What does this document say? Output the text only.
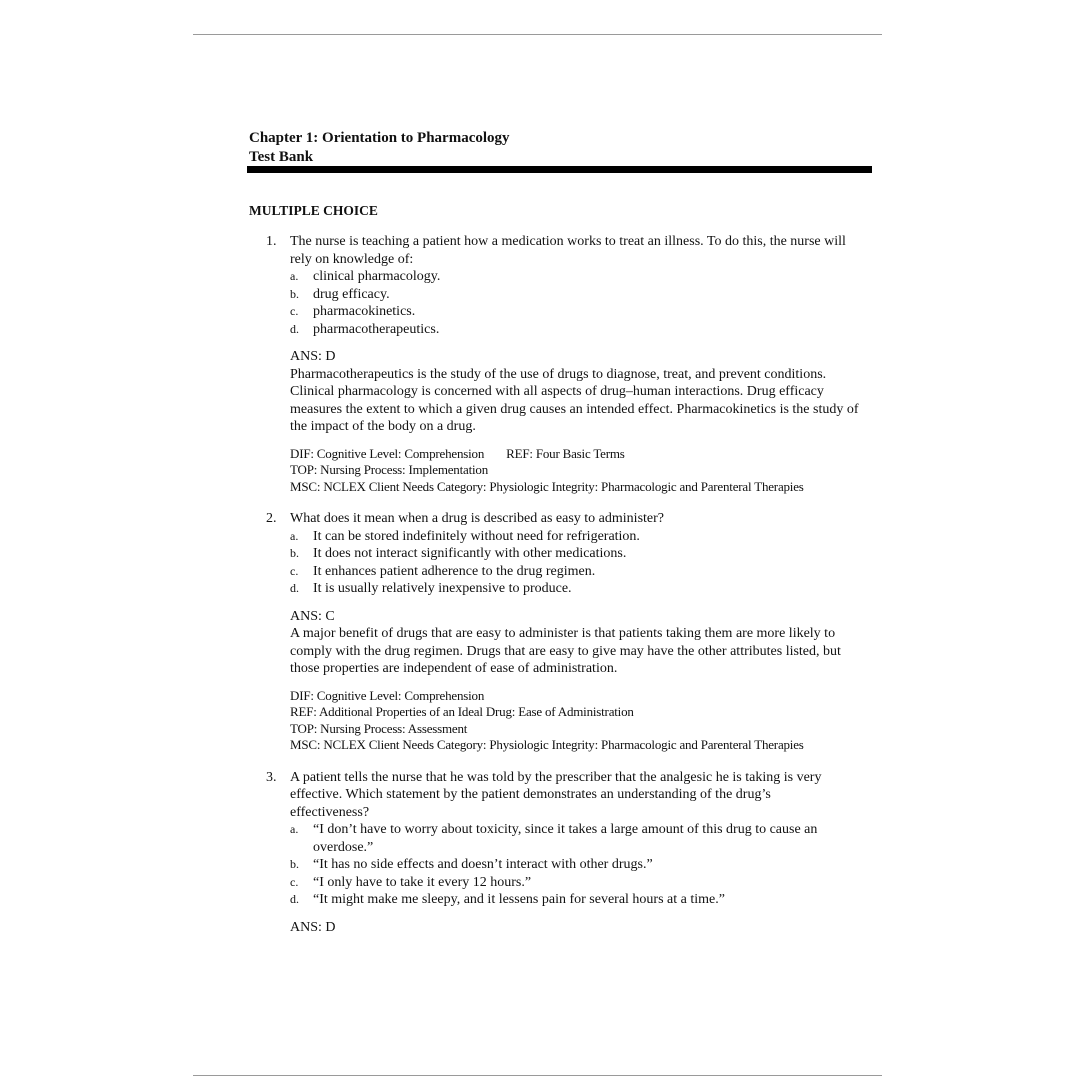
Chapter 1: Orientation to Pharmacology
Test Bank
MULTIPLE CHOICE
1. The nurse is teaching a patient how a medication works to treat an illness. To do this, the nurse will rely on knowledge of:
a. clinical pharmacology.
b. drug efficacy.
c. pharmacokinetics.
d. pharmacotherapeutics.
ANS: D
Pharmacotherapeutics is the study of the use of drugs to diagnose, treat, and prevent conditions. Clinical pharmacology is concerned with all aspects of drug–human interactions. Drug efficacy measures the extent to which a given drug causes an intended effect. Pharmacokinetics is the study of the impact of the body on a drug.
DIF: Cognitive Level: Comprehension REF: Four Basic Terms
TOP: Nursing Process: Implementation
MSC: NCLEX Client Needs Category: Physiologic Integrity: Pharmacologic and Parenteral Therapies
2. What does it mean when a drug is described as easy to administer?
a. It can be stored indefinitely without need for refrigeration.
b. It does not interact significantly with other medications.
c. It enhances patient adherence to the drug regimen.
d. It is usually relatively inexpensive to produce.
ANS: C
A major benefit of drugs that are easy to administer is that patients taking them are more likely to comply with the drug regimen. Drugs that are easy to give may have the other attributes listed, but those properties are independent of ease of administration.
DIF: Cognitive Level: Comprehension
REF: Additional Properties of an Ideal Drug: Ease of Administration
TOP: Nursing Process: Assessment
MSC: NCLEX Client Needs Category: Physiologic Integrity: Pharmacologic and Parenteral Therapies
3. A patient tells the nurse that he was told by the prescriber that the analgesic he is taking is very effective. Which statement by the patient demonstrates an understanding of the drug’s effectiveness?
a. “I don’t have to worry about toxicity, since it takes a large amount of this drug to cause an overdose.”
b. “It has no side effects and doesn’t interact with other drugs.”
c. “I only have to take it every 12 hours.”
d. “It might make me sleepy, and it lessens pain for several hours at a time.”
ANS: D
